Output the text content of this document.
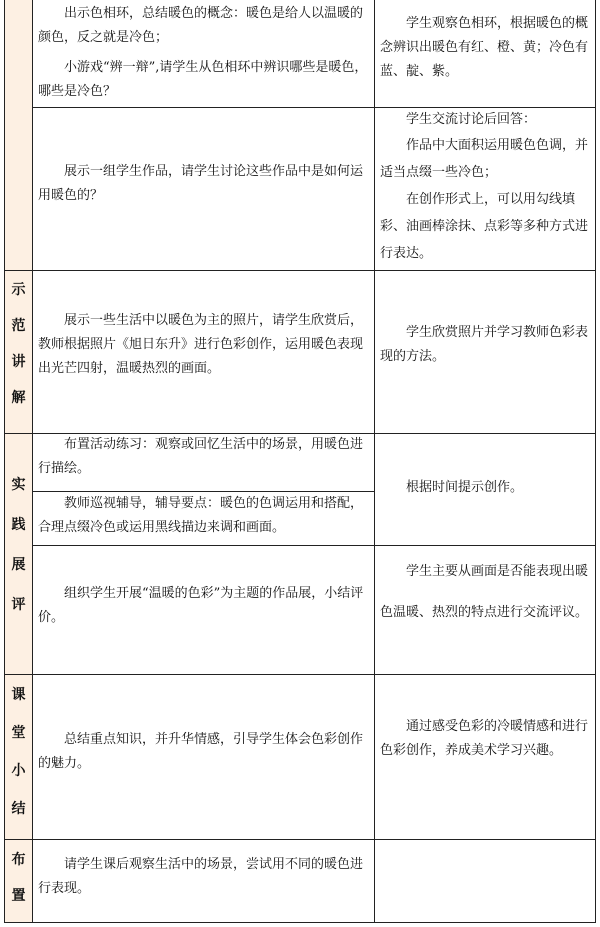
示
范
讲
解
实
践
展
评
课
堂
小
结
布
置

出示色相环，总结暖色的概念：暖色是给人以温暖的颜色，反之就是冷色；

小游戏“辨一辩”,请学生从色相环中辨识哪些是暖色，哪些是冷色？

学生观察色相环，根据暖色的概念辨识出暖色有红、橙、黄；冷色有蓝、靛、紫。

展示一组学生作品，请学生讨论这些作品中是如何运用暖色的？

学生交流讨论后回答：

作品中大面积运用暖色色调，并适当点缀一些冷色；

在创作形式上，可以用勾线填彩、油画棒涂抹、点彩等多种方式进行表达。

展示一些生活中以暖色为主的照片，请学生欣赏后，教师根据照片《旭日东升》进行色彩创作，运用暖色表现出光芒四射，温暖热烈的画面。

学生欣赏照片并学习教师色彩表现的方法。

布置活动练习：观察或回忆生活中的场景，用暖色进行描绘。

教师巡视辅导，辅导要点：暖色的色调运用和搭配，合理点缀冷色或运用黑线描边来调和画面。

根据时间提示创作。

组织学生开展“温暖的色彩”为主题的作品展，小结评价。

学生主要从画面是否能表现出暖色温暖、热烈的特点进行交流评议。

总结重点知识，并升华情感，引导学生体会色彩创作的魅力。

通过感受色彩的冷暖情感和进行色彩创作，养成美术学习兴趣。

请学生课后观察生活中的场景，尝试用不同的暖色进行表现。
